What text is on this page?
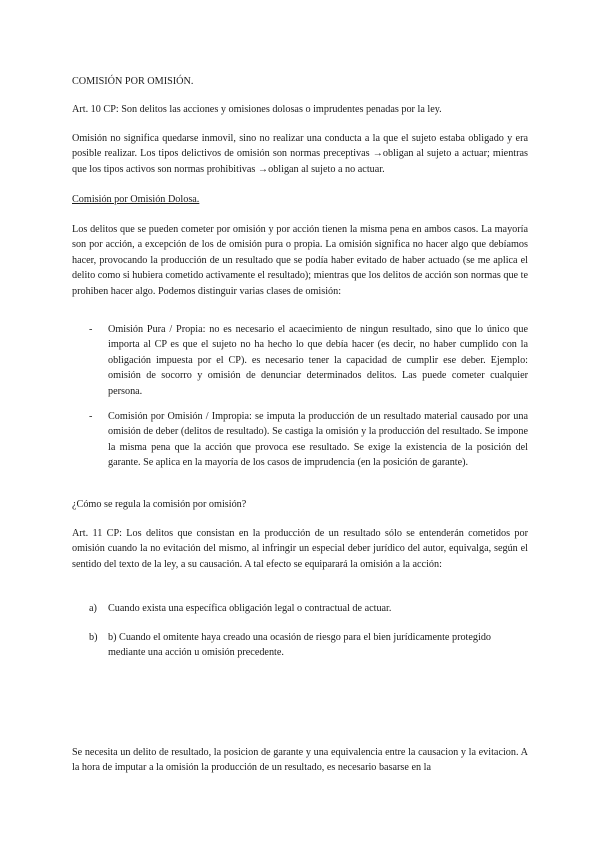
COMISIÓN POR OMISIÓN.

Art. 10 CP: Son delitos las acciones y omisiones dolosas o imprudentes penadas por la ley.

Omisión no significa quedarse inmovil, sino no realizar una conducta a la que el sujeto estaba obligado y era posible realizar. Los tipos delictivos de omisión son normas preceptivas →obligan al sujeto a actuar; mientras que los tipos activos son normas prohibitivas →obligan al sujeto a no actuar.

Comisión por Omisión Dolosa.

Los delitos que se pueden cometer por omisión y por acción tienen la misma pena en ambos casos. La mayoría son por acción, a excepción de los de omisión pura o propia. La omisión significa no hacer algo que debíamos hacer, provocando la producción de un resultado que se podía haber evitado de haber actuado (se me aplica el delito como si hubiera cometido activamente el resultado); mientras que los delitos de acción son normas que te prohiben hacer algo. Podemos distinguir varias clases de omisión:

- Omisión Pura / Propia: no es necesario el acaecimiento de ningun resultado, sino que lo único que importa al CP es que el sujeto no ha hecho lo que debía hacer (es decir, no haber cumplido con la obligación impuesta por el CP). es necesario tener la capacidad de cumplir ese deber. Ejemplo: omisión de socorro y omisión de denunciar determinados delitos. Las puede cometer cualquier persona.
- Comisión por Omisión / Impropia: se imputa la producción de un resultado material causado por una omisión de deber (delitos de resultado). Se castiga la omisión y la producción del resultado. Se impone la misma pena que la acción que provoca ese resultado. Se exige la existencia de la posición del garante. Se aplica en la mayoría de los casos de imprudencia (en la posición de garante).

¿Cómo se regula la comisión por omisión?

Art. 11 CP: Los delitos que consistan en la producción de un resultado sólo se entenderán cometidos por omisión cuando la no evitación del mismo, al infringir un especial deber jurídico del autor, equivalga, según el sentido del texto de la ley, a su causación. A tal efecto se equiparará la omisión a la acción:

a) Cuando exista una específica obligación legal o contractual de actuar.
b) b) Cuando el omitente haya creado una ocasión de riesgo para el bien jurídicamente protegido mediante una acción u omisión precedente.

Se necesita un delito de resultado, la posicion de garante y una equivalencia entre la causacion y la evitacion. A la hora de imputar a la omisión la producción de un resultado, es necesario basarse en la
